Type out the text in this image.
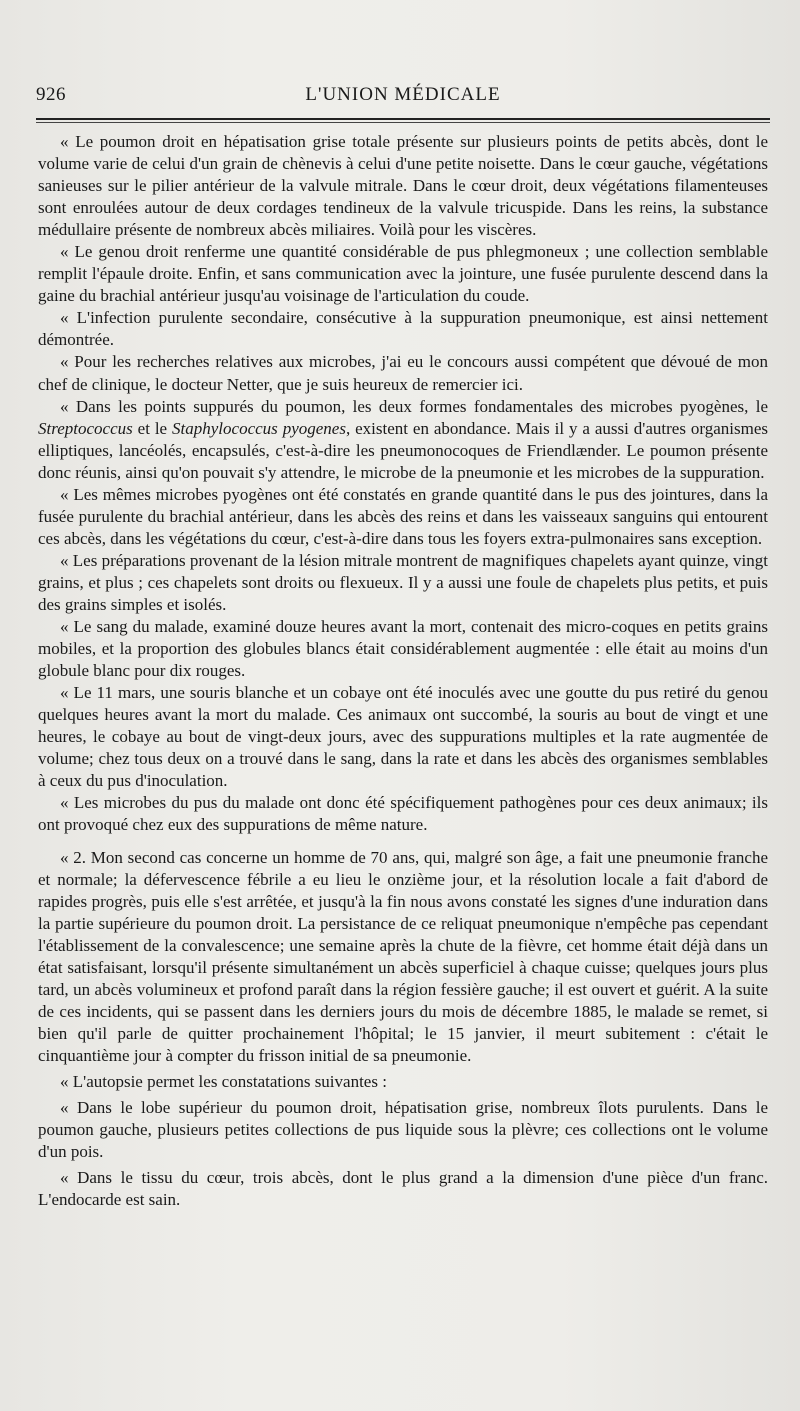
926	L'UNION MÉDICALE

« Le poumon droit en hépatisation grise totale présente sur plusieurs points de petits abcès, dont le volume varie de celui d'un grain de chènevis à celui d'une petite noisette. Dans le cœur gauche, végétations sanieuses sur le pilier antérieur de la valvule mitrale. Dans le cœur droit, deux végétations filamenteuses sont enroulées autour de deux cordages tendineux de la valvule tricuspide. Dans les reins, la substance médullaire présente de nombreux abcès miliaires. Voilà pour les viscères.

« Le genou droit renferme une quantité considérable de pus phlegmoneux ; une collection semblable remplit l'épaule droite. Enfin, et sans communication avec la jointure, une fusée purulente descend dans la gaine du brachial antérieur jusqu'au voisinage de l'articulation du coude.

« L'infection purulente secondaire, consécutive à la suppuration pneumonique, est ainsi nettement démontrée.

« Pour les recherches relatives aux microbes, j'ai eu le concours aussi compétent que dévoué de mon chef de clinique, le docteur Netter, que je suis heureux de remercier ici.

« Dans les points suppurés du poumon, les deux formes fondamentales des microbes pyogènes, le Streptococcus et le Staphylococcus pyogenes, existent en abondance. Mais il y a aussi d'autres organismes elliptiques, lancéolés, encapsulés, c'est-à-dire les pneumonocoques de Friendlænder. Le poumon présente donc réunis, ainsi qu'on pouvait s'y attendre, le microbe de la pneumonie et les microbes de la suppuration.

« Les mêmes microbes pyogènes ont été constatés en grande quantité dans le pus des jointures, dans la fusée purulente du brachial antérieur, dans les abcès des reins et dans les vaisseaux sanguins qui entourent ces abcès, dans les végétations du cœur, c'est-à-dire dans tous les foyers extra-pulmonaires sans exception.

« Les préparations provenant de la lésion mitrale montrent de magnifiques chapelets ayant quinze, vingt grains, et plus ; ces chapelets sont droits ou flexueux. Il y a aussi une foule de chapelets plus petits, et puis des grains simples et isolés.

« Le sang du malade, examiné douze heures avant la mort, contenait des micro-coques en petits grains mobiles, et la proportion des globules blancs était considérablement augmentée : elle était au moins d'un globule blanc pour dix rouges.

« Le 11 mars, une souris blanche et un cobaye ont été inoculés avec une goutte du pus retiré du genou quelques heures avant la mort du malade. Ces animaux ont succombé, la souris au bout de vingt et une heures, le cobaye au bout de vingt-deux jours, avec des suppurations multiples et la rate augmentée de volume; chez tous deux on a trouvé dans le sang, dans la rate et dans les abcès des organismes semblables à ceux du pus d'inoculation.

« Les microbes du pus du malade ont donc été spécifiquement pathogènes pour ces deux animaux; ils ont provoqué chez eux des suppurations de même nature.

« 2. Mon second cas concerne un homme de 70 ans, qui, malgré son âge, a fait une pneumonie franche et normale; la défervescence fébrile a eu lieu le onzième jour, et la résolution locale a fait d'abord de rapides progrès, puis elle s'est arrêtée, et jusqu'à la fin nous avons constaté les signes d'une induration dans la partie supérieure du poumon droit. La persistance de ce reliquat pneumonique n'empêche pas cependant l'établissement de la convalescence; une semaine après la chute de la fièvre, cet homme était déjà dans un état satisfaisant, lorsqu'il présente simultanément un abcès superficiel à chaque cuisse; quelques jours plus tard, un abcès volumineux et profond paraît dans la région fessière gauche; il est ouvert et guérit. A la suite de ces incidents, qui se passent dans les derniers jours du mois de décembre 1885, le malade se remet, si bien qu'il parle de quitter prochainement l'hôpital; le 15 janvier, il meurt subitement : c'était le cinquantième jour à compter du frisson initial de sa pneumonie.

« L'autopsie permet les constatations suivantes :

« Dans le lobe supérieur du poumon droit, hépatisation grise, nombreux îlots purulents. Dans le poumon gauche, plusieurs petites collections de pus liquide sous la plèvre; ces collections ont le volume d'un pois.

« Dans le tissu du cœur, trois abcès, dont le plus grand a la dimension d'une pièce d'un franc. L'endocarde est sain.
